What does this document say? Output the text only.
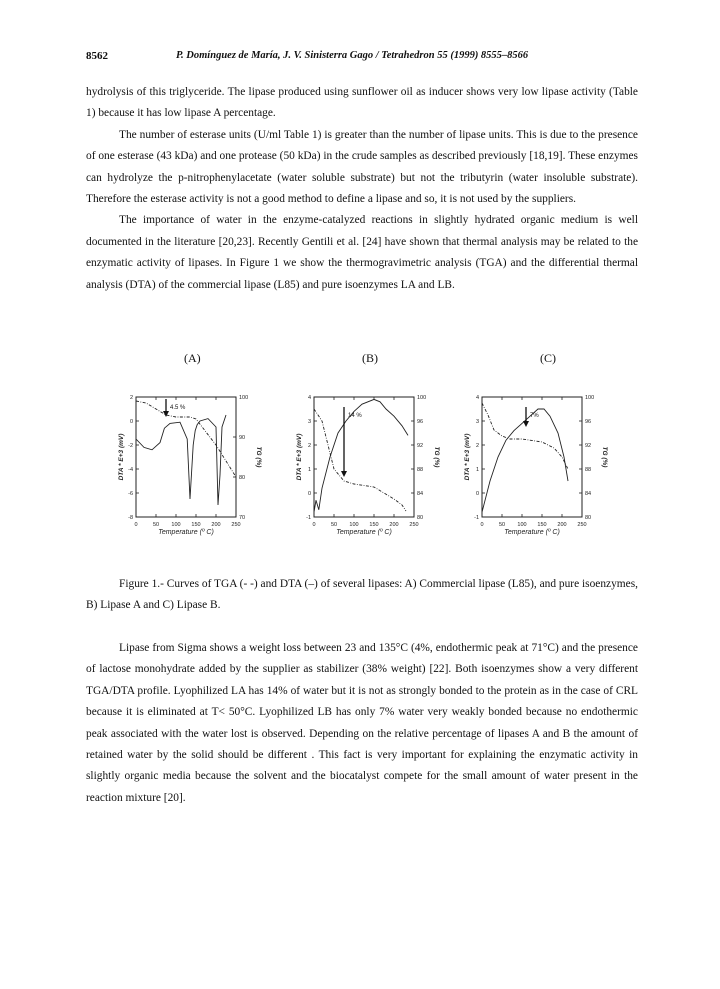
8562	P. Domínguez de María, J. V. Sinisterra Gago / Tetrahedron 55 (1999) 8555–8566

hydrolysis of this triglyceride. The lipase produced using sunflower oil as inducer shows very low lipase activity (Table 1) because it has low lipase A percentage.

The number of esterase units (U/ml Table 1) is greater than the number of lipase units. This is due to the presence of one esterase (43 kDa) and one protease (50 kDa) in the crude samples as described previously [18,19]. These enzymes can hydrolyze the p-nitrophenylacetate (water soluble substrate) but not the tributyrin (water insoluble substrate). Therefore the esterase activity is not a good method to define a lipase and so, it is not used by the suppliers.

The importance of water in the enzyme-catalyzed reactions in slightly hydrated organic medium is well documented in the literature [20,23]. Recently Gentili et al. [24] have shown that thermal analysis may be related to the enzymatic activity of lipases. In Figure 1 we show the thermogravimetric analysis (TGA) and the differential thermal analysis (DTA) of the commercial lipase (L85) and pure isoenzymes LA and LB.

(A)	(B)	(C)
0	50 100 150 200 250
2
0
-2
-4
-6
-8
100
90
80
70
Temperature (º C)
DTA * E+3 (mV)	TG (%)
4.5 %
0	50 100 150 200 250
4
3
2
1
0
-1
100
96
92
88
84
80
Temperature (º C)
DTA * E+3 (mV)	TG (%)
14 %
0	50 100 150 200 250
4
3
2
1
0
-1
100
96
92
88
84
80
Temperature (º C)
DTA * E+3 (mV)	TG (%)
7%

Figure 1.- Curves of TGA (- -) and DTA (–) of several lipases: A) Commercial lipase (L85), and pure isoenzymes, B) Lipase A and C) Lipase B.

Lipase from Sigma shows a weight loss between 23 and 135°C (4%, endothermic peak at 71°C) and the presence of lactose monohydrate added by the supplier as stabilizer (38% weight) [22]. Both isoenzymes show a very different TGA/DTA profile. Lyophilized LA has 14% of water but it is not as strongly bonded to the protein as in the case of CRL because it is eliminated at T< 50°C. Lyophilized LB has only 7% water very weakly bonded because no endothermic peak associated with the water lost is observed. Depending on the relative percentage of lipases A and B the amount of retained water by the solid should be different . This fact is very important for explaining the enzymatic activity in slightly organic media because the solvent and the biocatalyst compete for the small amount of water present in the reaction mixture [20].
